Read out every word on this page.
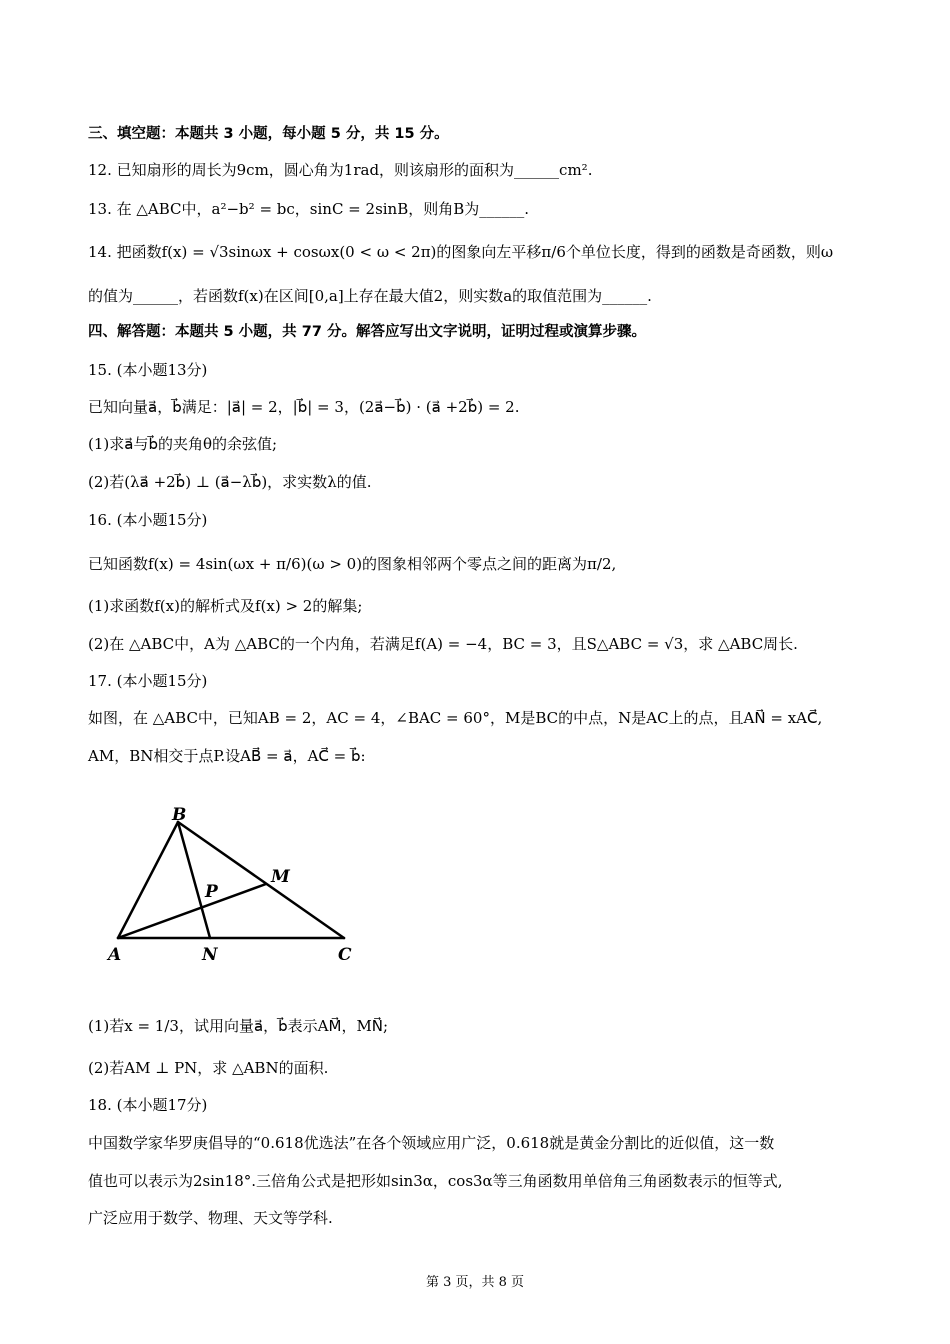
三、填空题：本题共 3 小题，每小题 5 分，共 15 分。
12. 已知扇形的周长为9cm，圆心角为1rad，则该扇形的面积为______cm².
13. 在 △ABC中，a²−b² = bc，sinC = 2sinB，则角B为______.
14. 把函数f(x) = √3sinωx + cosωx(0 < ω < 2π)的图象向左平移π/6个单位长度，得到的函数是奇函数，则ω
的值为______，若函数f(x)在区间[0,a]上存在最大值2，则实数a的取值范围为______.
四、解答题：本题共 5 小题，共 77 分。解答应写出文字说明，证明过程或演算步骤。
15. (本小题13分)
已知向量a⃗，b⃗满足：|a⃗| = 2，|b⃗| = 3，(2a⃗−b⃗) · (a⃗ +2b⃗) = 2.
(1)求a⃗与b⃗的夹角θ的余弦值;
(2)若(λa⃗ +2b⃗) ⊥ (a⃗−λb⃗)，求实数λ的值.
16. (本小题15分)
已知函数f(x) = 4sin(ωx + π/6)(ω > 0)的图象相邻两个零点之间的距离为π/2,
(1)求函数f(x)的解析式及f(x) > 2的解集;
(2)在 △ABC中，A为 △ABC的一个内角，若满足f(A) = −4，BC = 3，且S△ABC = √3，求 △ABC周长.
17. (本小题15分)
如图，在 △ABC中，已知AB = 2，AC = 4，∠BAC = 60°，M是BC的中点，N是AC上的点，且AN⃗ = xAC⃗,
AM，BN相交于点P.设AB⃗ = a⃗，AC⃗ = b⃗:
B
M
P
A	N	C
(1)若x = 1/3，试用向量a⃗，b⃗表示AM⃗，MN⃗;
(2)若AM ⊥ PN，求 △ABN的面积.
18. (本小题17分)
中国数学家华罗庚倡导的“0.618优选法”在各个领域应用广泛，0.618就是黄金分割比的近似值，这一数
值也可以表示为2sin18°.三倍角公式是把形如sin3α，cos3α等三角函数用单倍角三角函数表示的恒等式,
广泛应用于数学、物理、天文等学科.
第 3 页，共 8 页
